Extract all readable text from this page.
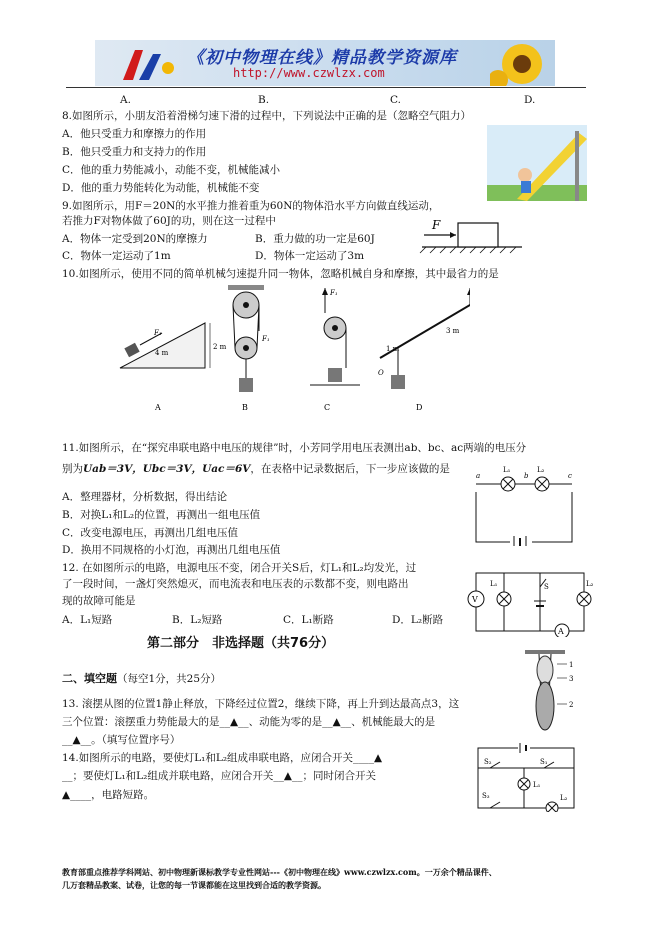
《初中物理在线》精品教学资源库
http://www.czwlzx.com
A.	B.	C.	D.
8.如图所示，小朋友沿着滑梯匀速下滑的过程中，下列说法中正确的是（忽略空气阻力）
A．他只受重力和摩擦力的作用
B．他只受重力和支持力的作用
C．他的重力势能减小，动能不变，机械能减小
D．他的重力势能转化为动能，机械能不变
9.如图所示，用F＝20N的水平推力推着重为60N的物体沿水平方向做直线运动，
若推力F对物体做了60J的功，则在这一过程中
A．物体一定受到20N的摩擦力	B．重力做的功一定是60J
C．物体一定运动了1m	D．物体一定运动了3m
F
10.如图所示，使用不同的简单机械匀速提升同一物体，忽略机械自身和摩擦，其中最省力的是
F₁
4 m
2 m
A
F₁
B
F₁
C
3 m
1 m
O
D
11.如图所示，在“探究串联电路中电压的规律”时，小芳同学用电压表测出ab、bc、ac两端的电压分
别为Uab＝3V，Ubc＝3V，Uac＝6V，在表格中记录数据后，下一步应该做的是
A．整理器材，分析数据，得出结论
B．对换L₁和L₂的位置，再测出一组电压值
C．改变电源电压，再测出几组电压值
D．换用不同规格的小灯泡，再测出几组电压值
a	b	c
L₁	L₂
12. 在如图所示的电路，电源电压不变，闭合开关S后，灯L₁和L₂均发光，过
了一段时间，一盏灯突然熄灭，而电流表和电压表的示数都不变，则电路出
现的故障可能是
A．L₁短路	B．L₂短路	C．L₁断路	D．L₂断路
V
L₁	S	L₂
A
第二部分　非选择题（共76分）
二、填空题（每空1分，共25分）
13. 滚摆从图的位置1静止释放，下降经过位置2，继续下降，再上升到达最高点3，这
三个位置：滚摆重力势能最大的是__▲__、动能为零的是__▲__、机械能最大的是
__▲__。（填写位置序号）
1
3
2
14.如图所示的电路，要使灯L₁和L₂组成串联电路，应闭合开关____▲
__；要使灯L₁和L₂组成并联电路，应闭合开关__▲__；同时闭合开关
▲____，电路短路。
S₂	S₁
L₁
S₃	L₂
教育部重点推荐学科网站、初中物理新课标教学专业性网站---《初中物理在线》www.czwlzx.com。一万余个精品课件、
几万套精品教案、试卷，让您的每一节课都能在这里找到合适的教学资源。
